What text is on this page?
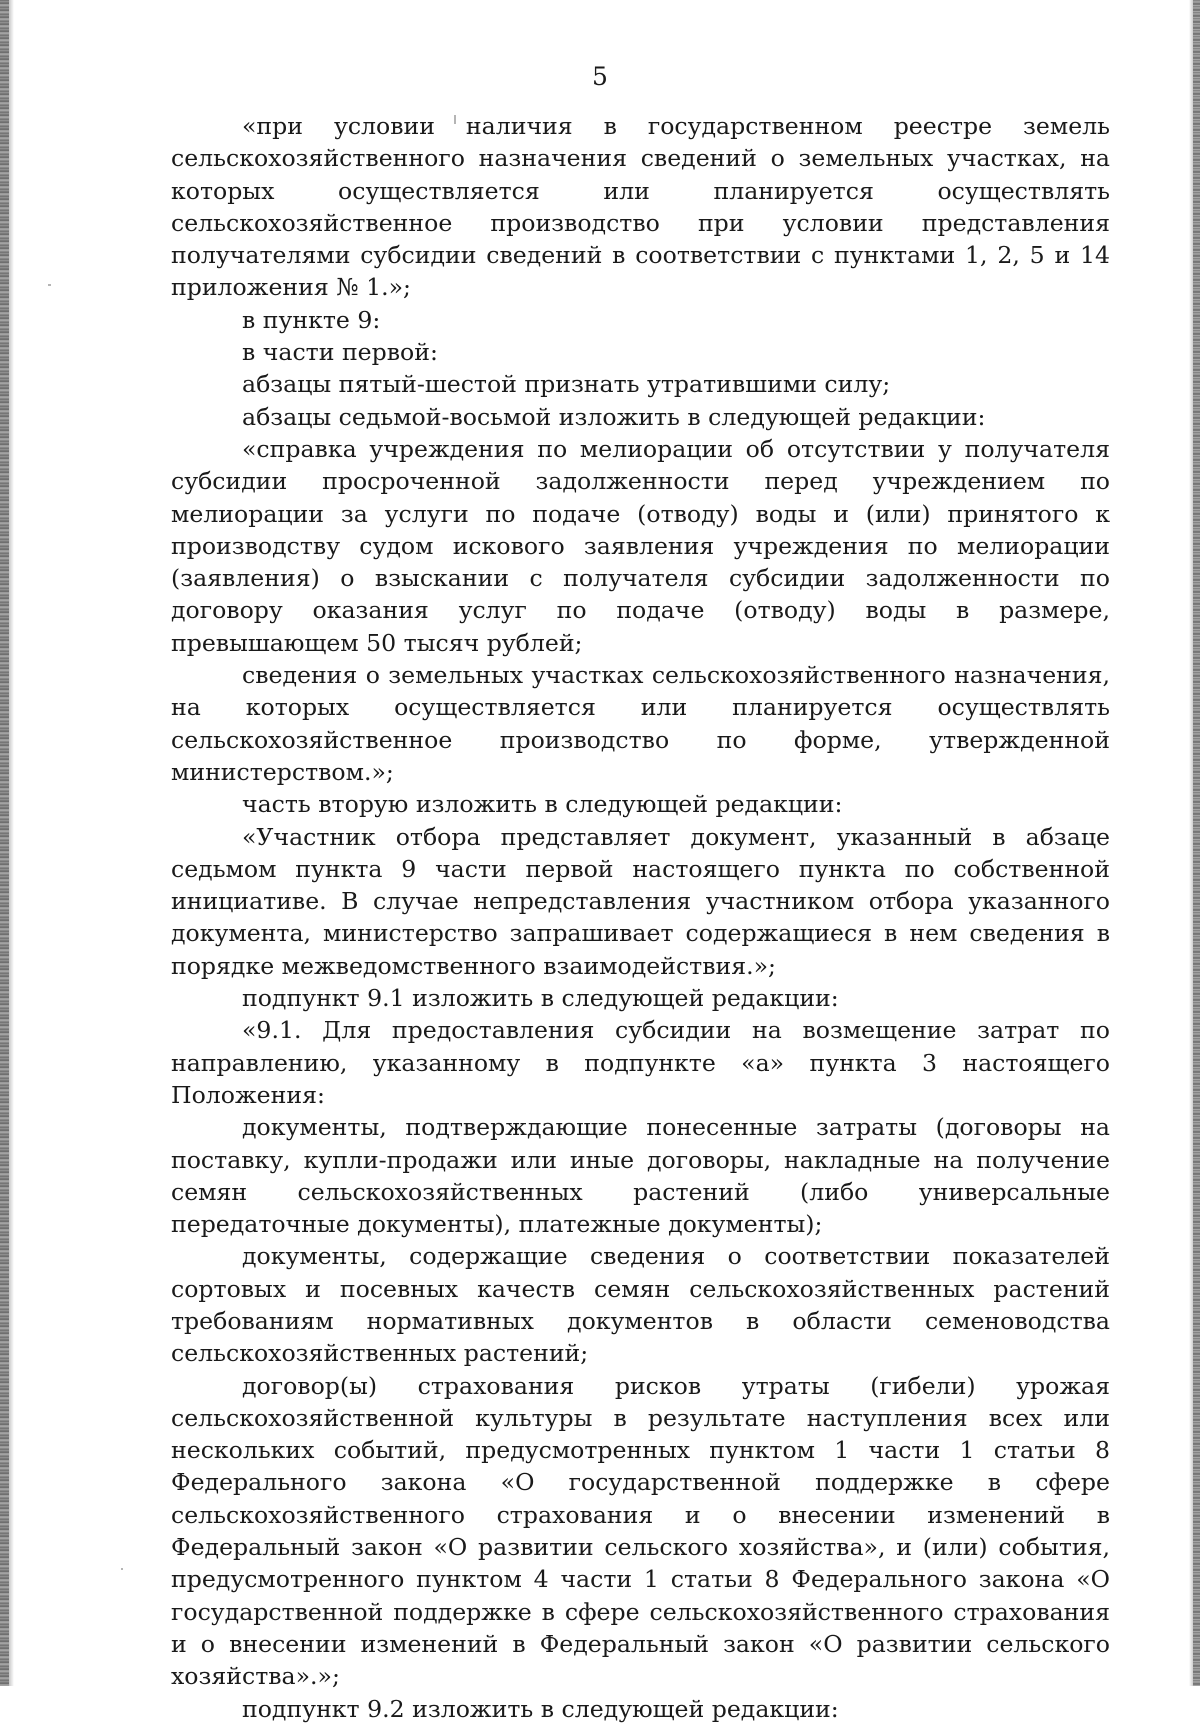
5

«при условии наличия в государственном реестре земель сельскохозяйственного назначения сведений о земельных участках, на которых осуществляется или планируется осуществлять сельскохозяйственное производство при условии представления получателями субсидии сведений в соответствии с пунктами 1, 2, 5 и 14 приложения № 1.»;

в пункте 9:

в части первой:

абзацы пятый-шестой признать утратившими силу;

абзацы седьмой-восьмой изложить в следующей редакции:

«справка учреждения по мелиорации об отсутствии у получателя субсидии просроченной задолженности перед учреждением по мелиорации за услуги по подаче (отводу) воды и (или) принятого к производству судом искового заявления учреждения по мелиорации (заявления) о взыскании с получателя субсидии задолженности по договору оказания услуг по подаче (отводу) воды в размере, превышающем 50 тысяч рублей;

сведения о земельных участках сельскохозяйственного назначения, на которых осуществляется или планируется осуществлять сельскохозяйственное производство по форме, утвержденной министерством.»;

часть вторую изложить в следующей редакции:

«Участник отбора представляет документ, указанный в абзаце седьмом пункта 9 части первой настоящего пункта по собственной инициативе. В случае непредставления участником отбора указанного документа, министерство запрашивает содержащиеся в нем сведения в порядке межведомственного взаимодействия.»;

подпункт 9.1 изложить в следующей редакции:

«9.1. Для предоставления субсидии на возмещение затрат по направлению, указанному в подпункте «а» пункта 3 настоящего Положения:

документы, подтверждающие понесенные затраты (договоры на поставку, купли-продажи или иные договоры, накладные на получение семян сельскохозяйственных растений (либо универсальные передаточные документы), платежные документы);

документы, содержащие сведения о соответствии показателей сортовых и посевных качеств семян сельскохозяйственных растений требованиям нормативных документов в области семеноводства сельскохозяйственных растений;

договор(ы) страхования рисков утраты (гибели) урожая сельскохозяйственной культуры в результате наступления всех или нескольких событий, предусмотренных пунктом 1 части 1 статьи 8 Федерального закона «О государственной поддержке в сфере сельскохозяйственного страхования и о внесении изменений в Федеральный закон «О развитии сельского хозяйства», и (или) события, предусмотренного пунктом 4 части 1 статьи 8 Федерального закона «О государственной поддержке в сфере сельскохозяйственного страхования и о внесении изменений в Федеральный закон «О развитии сельского хозяйства».»;

подпункт 9.2 изложить в следующей редакции:
